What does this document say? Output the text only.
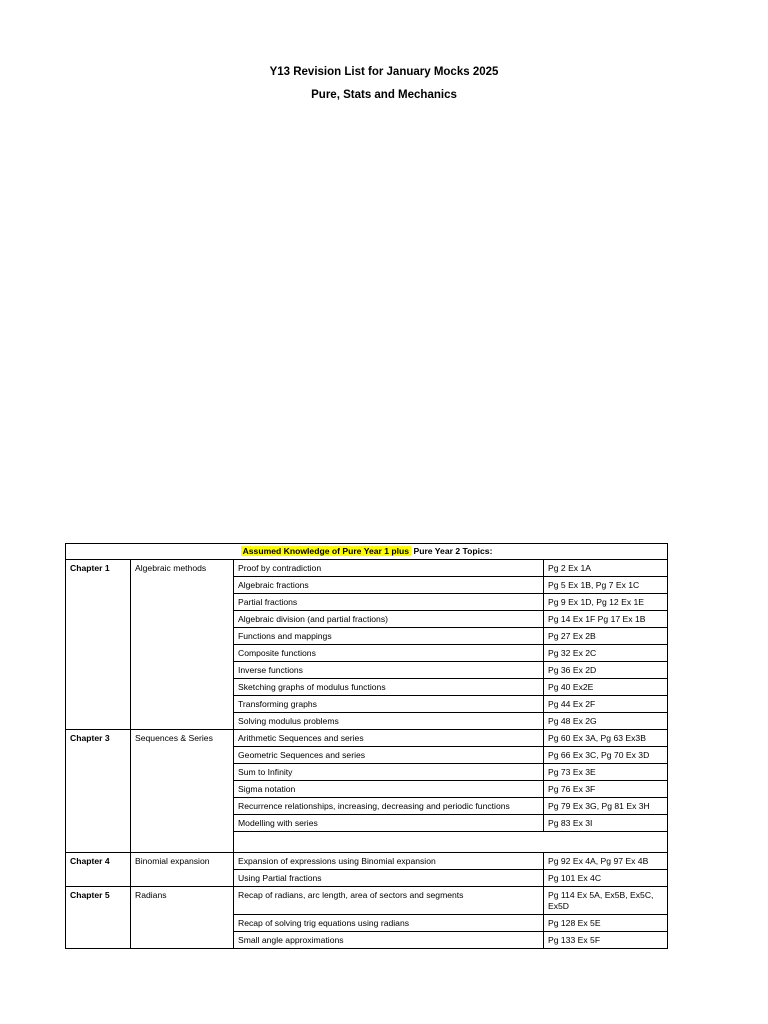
Y13 Revision List for January Mocks 2025
Pure, Stats and Mechanics
Assumed Knowledge of Pure Year 1 plus Pure Year 2 Topics:			
Chapter 1	Algebraic methods	Proof by contradiction	Pg 2 Ex 1A
		Algebraic fractions	Pg 5 Ex 1B, Pg 7 Ex 1C
		Partial fractions	Pg 9 Ex 1D, Pg 12 Ex 1E
		Algebraic division (and partial fractions)	Pg 14 Ex 1F Pg 17 Ex 1B
		Functions and mappings	Pg 27 Ex 2B
		Composite functions	Pg 32 Ex 2C
		Inverse functions	Pg 36 Ex 2D
		Sketching graphs of modulus functions	Pg 40 Ex2E
		Transforming graphs	Pg 44 Ex 2F
		Solving modulus problems	Pg 48 Ex 2G
Chapter 3	Sequences & Series	Arithmetic Sequences and series	Pg 60 Ex 3A, Pg 63 Ex3B
		Geometric Sequences and series	Pg 66 Ex 3C, Pg 70 Ex 3D
		Sum to Infinity	Pg 73 Ex 3E
		Sigma notation	Pg 76 Ex 3F
		Recurrence relationships, increasing, decreasing and periodic functions	Pg 79 Ex 3G, Pg 81 Ex 3H
		Modelling with series	Pg 83 Ex 3I

Chapter 4	Binomial expansion	Expansion of expressions using Binomial expansion	Pg 92 Ex 4A, Pg 97 Ex 4B
		Using Partial fractions	Pg 101 Ex 4C
Chapter 5	Radians	Recap of radians, arc length, area of sectors and segments	Pg 114 Ex 5A, Ex5B, Ex5C, Ex5D
		Recap of solving trig equations using radians	Pg 128 Ex 5E
		Small angle approximations	Pg 133 Ex 5F
